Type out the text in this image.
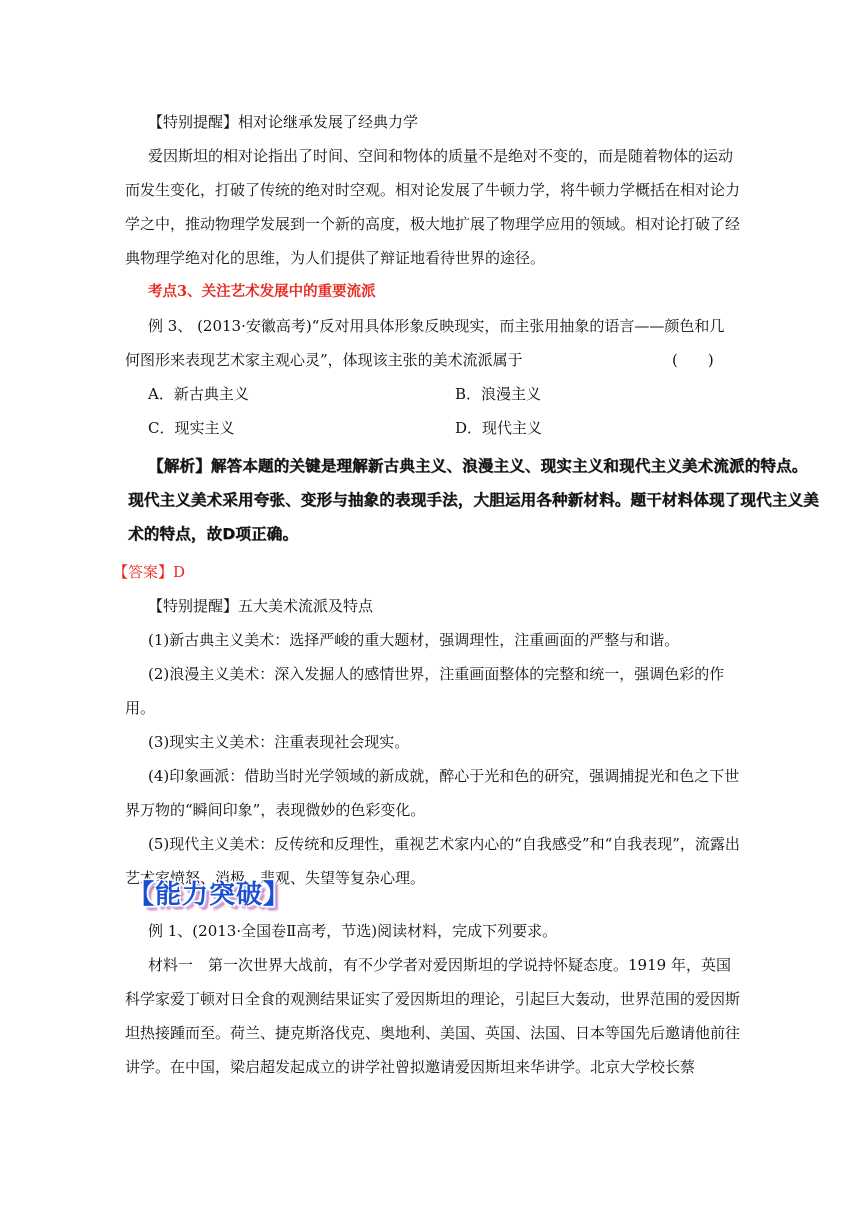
【特别提醒】相对论继承发展了经典力学

爱因斯坦的相对论指出了时间、空间和物体的质量不是绝对不变的，而是随着物体的运动而发生变化，打破了传统的绝对时空观。相对论发展了牛顿力学，将牛顿力学概括在相对论力学之中，推动物理学发展到一个新的高度，极大地扩展了物理学应用的领域。相对论打破了经典物理学绝对化的思维，为人们提供了辩证地看待世界的途径。

考点3、关注艺术发展中的重要流派

例 3、 (2013·安徽高考)“反对用具体形象反映现实，而主张用抽象的语言——颜色和几何图形来表现艺术家主观心灵”，体现该主张的美术流派属于	(　　)
A．新古典主义	B．浪漫主义
C．现实主义	D．现代主义
【解析】解答本题的关键是理解新古典主义、浪漫主义、现实主义和现代主义美术流派的特点。现代主义美术采用夸张、变形与抽象的表现手法，大胆运用各种新材料。题干材料体现了现代主义美术的特点，故D项正确。

【答案】D

【特别提醒】五大美术流派及特点

(1)新古典主义美术：选择严峻的重大题材，强调理性，注重画面的严整与和谐。

(2)浪漫主义美术：深入发掘人的感情世界，注重画面整体的完整和统一，强调色彩的作用。

(3)现实主义美术：注重表现社会现实。

(4)印象画派：借助当时光学领域的新成就，醉心于光和色的研究，强调捕捉光和色之下世界万物的“瞬间印象”，表现微妙的色彩变化。

(5)现代主义美术：反传统和反理性，重视艺术家内心的“自我感受”和“自我表现”，流露出艺术家愤怒、消极、悲观、失望等复杂心理。

【能力突破】

例 1、(2013·全国卷Ⅱ高考，节选)阅读材料，完成下列要求。

材料一　第一次世界大战前，有不少学者对爱因斯坦的学说持怀疑态度。1919 年，英国科学家爱丁顿对日全食的观测结果证实了爱因斯坦的理论，引起巨大轰动，世界范围的爱因斯坦热接踵而至。荷兰、捷克斯洛伐克、奥地利、美国、英国、法国、日本等国先后邀请他前往讲学。在中国，梁启超发起成立的讲学社曾拟邀请爱因斯坦来华讲学。北京大学校长蔡
